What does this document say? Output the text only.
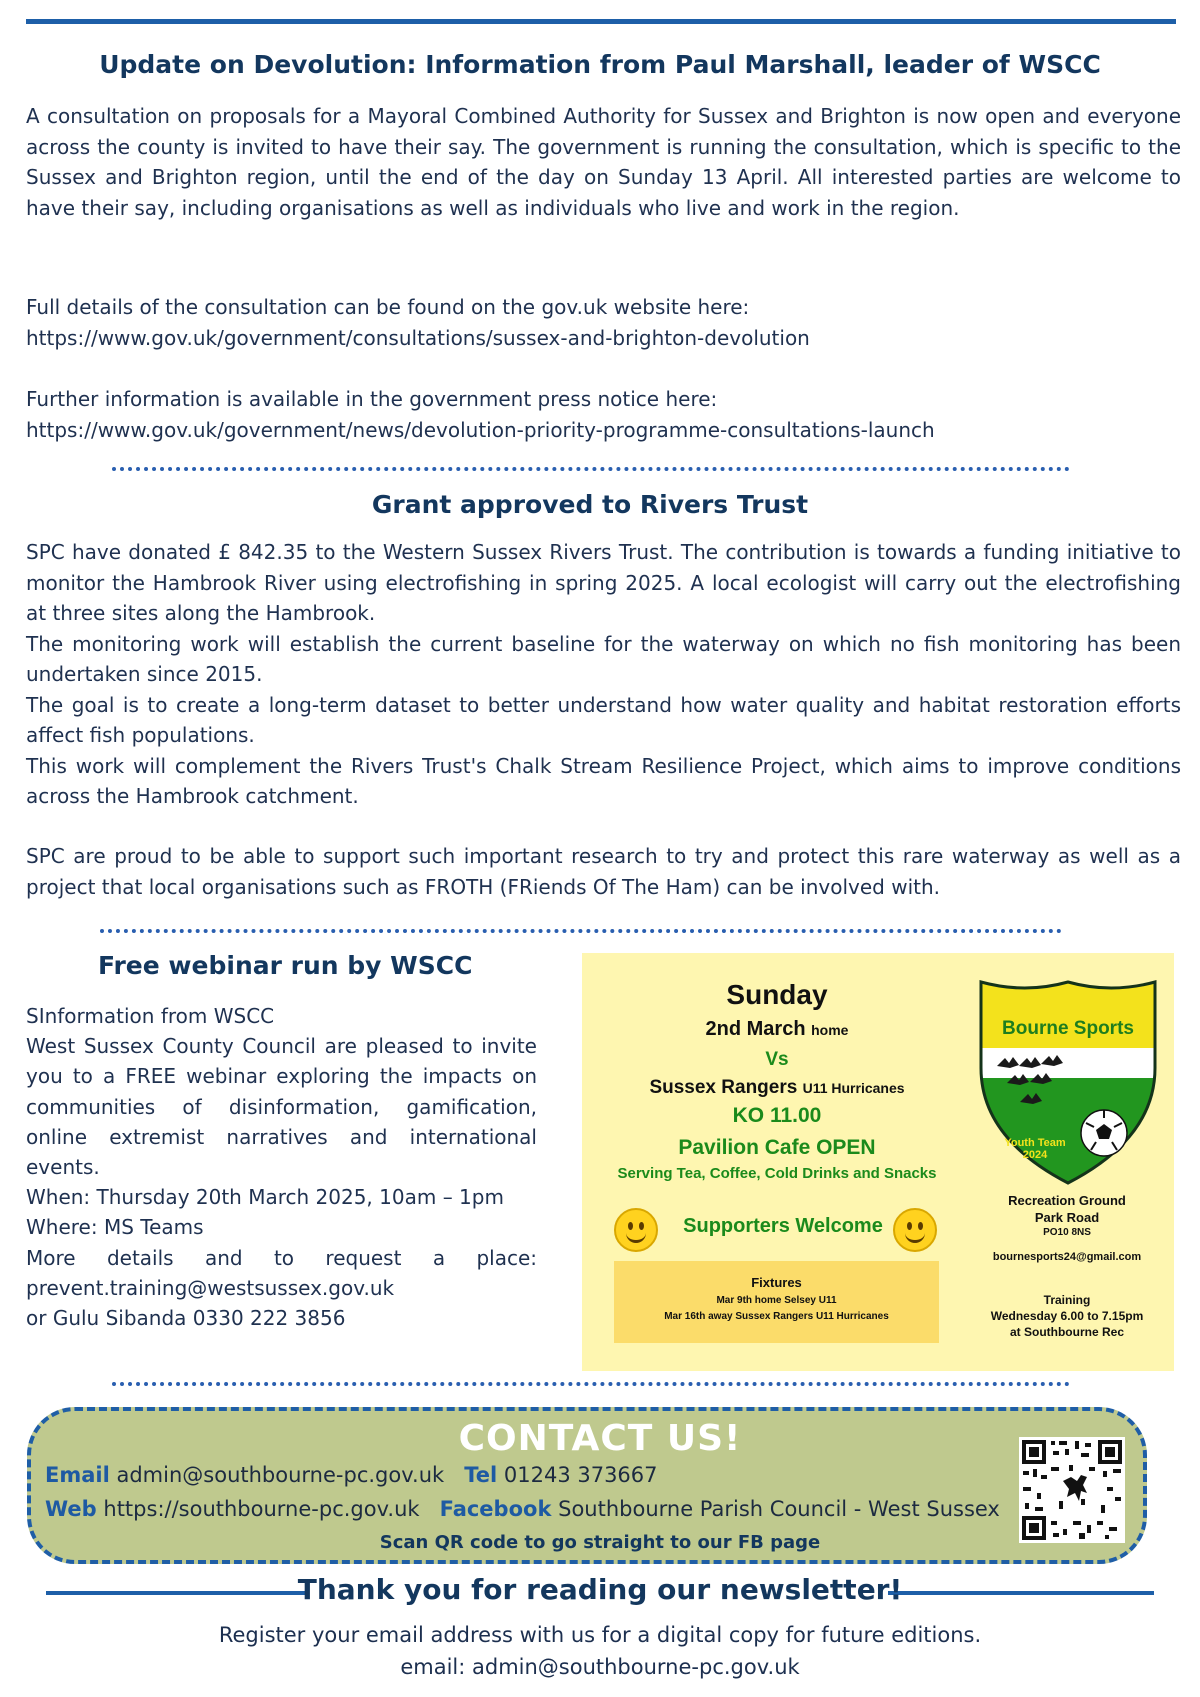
Update on Devolution: Information from Paul Marshall, leader of WSCC
A consultation on proposals for a Mayoral Combined Authority for Sussex and Brighton is now open and everyone across the county is invited to have their say. The government is running the consultation, which is specific to the Sussex and Brighton region, until the end of the day on Sunday 13 April. All interested parties are welcome to have their say, including organisations as well as individuals who live and work in the region.
Full details of the consultation can be found on the gov.uk website here:
https://www.gov.uk/government/consultations/sussex-and-brighton-devolution
Further information is available in the government press notice here:
https://www.gov.uk/government/news/devolution-priority-programme-consultations-launch
Grant approved to Rivers Trust
SPC have donated £ 842.35 to the Western Sussex Rivers Trust. The contribution is towards a funding initiative to monitor the Hambrook River using electrofishing in spring 2025. A local ecologist will carry out the electrofishing at three sites along the Hambrook.
The monitoring work will establish the current baseline for the waterway on which no fish monitoring has been undertaken since 2015.
The goal is to create a long-term dataset to better understand how water quality and habitat restoration efforts affect fish populations.
This work will complement the Rivers Trust's Chalk Stream Resilience Project, which aims to improve conditions across the Hambrook catchment.
SPC are proud to be able to support such important research to try and protect this rare waterway as well as a project that local organisations such as FROTH (FRiends Of The Ham) can be involved with.
Free webinar run by WSCC
SInformation from WSCC
West Sussex County Council are pleased to invite you to a FREE webinar exploring the impacts on communities of disinformation, gamification, online extremist narratives and international events.
When: Thursday 20th March 2025, 10am – 1pm
Where: MS Teams
More details and to request a place:
prevent.training@westsussex.gov.uk
or Gulu Sibanda 0330 222 3856
Sunday
2nd March home
Vs
Sussex Rangers U11 Hurricanes
KO 11.00
Pavilion Cafe OPEN
Serving Tea, Coffee, Cold Drinks and Snacks
Supporters Welcome
Fixtures
Mar 9th home Selsey U11
Mar 16th away Sussex Rangers U11 Hurricanes
Bourne Sports
Youth Team
2024
Recreation Ground
Park Road
PO10 8NS
bournesports24@gmail.com
Training
Wednesday 6.00 to 7.15pm
at Southbourne Rec
CONTACT US!
Email admin@southbourne-pc.gov.uk Tel 01243 373667
Web https://southbourne-pc.gov.uk Facebook Southbourne Parish Council - West Sussex
Scan QR code to go straight to our FB page
Thank you for reading our newsletter!
Register your email address with us for a digital copy for future editions.
email: admin@southbourne-pc.gov.uk
